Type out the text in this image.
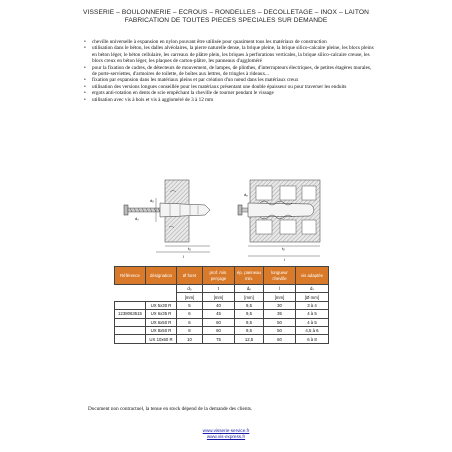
VISSERIE – BOULONNERIE – ECROUS – RONDELLES – DECOLLETAGE – INOX – LAITON
FABRICATION DE TOUTES PIECES SPECIALES SUR DEMANDE
• cheville universelle à expansion en nylon pouvant être utilisée pour quasiment tous les matériaux de construction
• utilisation dans le béton, les dalles alvéolaires, la pierre naturelle dense, la brique pleine, la brique silico-calcaire pleine, les blocs pleins en béton léger, le béton cellulaire, les carreaux de plâtre plein, les briques à perforations verticales, la brique silico-calcaire creuse, les blocs creux en béton léger, les plaques de carton-plâtre, les panneaux d'aggloméré
• pour la fixation de cadres, de détecteurs de mouvement, de lampes, de plinthes, d'interrupteurs électriques, de petites étagères murales, de porte-serviettes, d'armoires de toilette, de boîtes aux lettres, de tringles à rideaux...
• fixation par expansion dans les matériaux pleins et par création d'un nœud dans les matériaux creux
• utilisation des versions longues conseillée pour les matériaux présentant une double épaisseur ou pour traverser les enduits
• ergots anti-rotation en dents de scie empêchant la cheville de tourner pendant le vissage
• utilisation avec vis à bois et vis à aggloméré de 3 à 12 mm
tₒ
dₒ
dₛ
l
dₚ
tₒ
l
Référence	désignation	Ø foret	prof. min. perçage	ép. panneau min.	longueur cheville	vis adaptée
		d₀	t	dₚ	l	dₛ
		[mm]	[mm]	[mm]	[mm]	[Ø mm]
	UX 5x30 R	5	40	9,5	30	3 à 4
1238063515	UX 6x35 R	6	45	9,5	35	4 à 5
	UX 6x50 R	6	60	9,5	50	4 à 5
	UX 8x50 R	8	60	9,5	50	4,5 à 6
	UX 10x60 R	10	75	12,5	60	6 à 8
Document non contractuel, la tenue en stock dépend de la demande des clients.
www.visserie-service.fr
www.vis-express.fr
